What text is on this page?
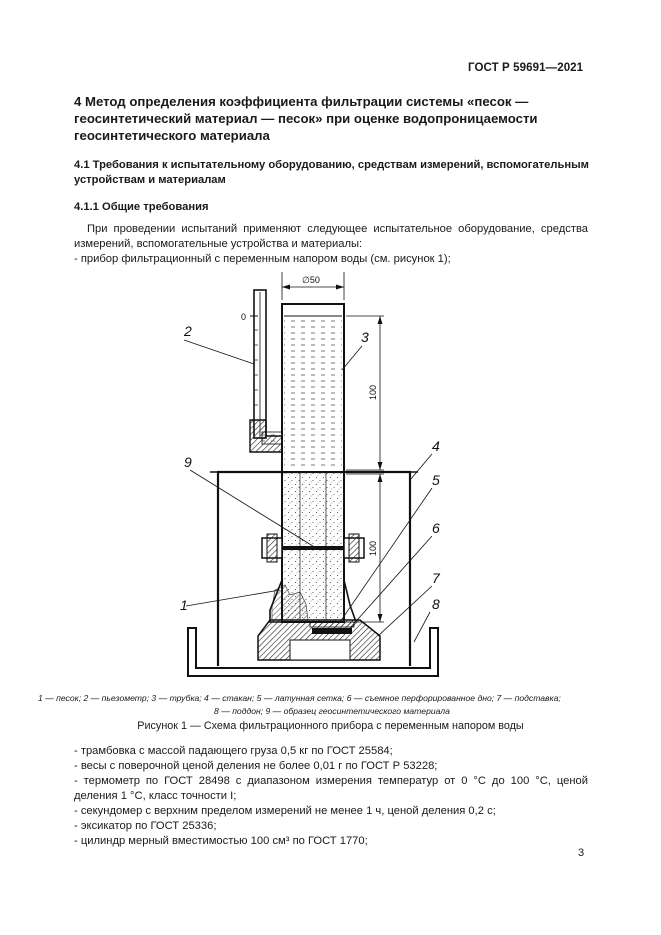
ГОСТ Р 59691—2021
4 Метод определения коэффициента фильтрации системы «песок — геосинтетический материал — песок» при оценке водопроницаемости геосинтетического материала
4.1 Требования к испытательному оборудованию, средствам измерений, вспомогательным устройствам и материалам
4.1.1 Общие требования
При проведении испытаний применяют следующее испытательное оборудование, средства измерений, вспомогательные устройства и материалы:
- прибор фильтрационный с переменным напором воды (см. рисунок 1);
∅50
0
100
100
2	3
4
5
6
7
8
9
1
1 — песок; 2 — пьезометр; 3 — трубка; 4 — стакан; 5 — латунная сетка; 6 — съемное перфорированное дно; 7 — подставка;
8 — поддон; 9 — образец геосинтетического материала
Рисунок 1 — Схема фильтрационного прибора с переменным напором воды
- трамбовка с массой падающего груза 0,5 кг по ГОСТ 25584;
- весы с поверочной ценой деления не более 0,01 г по ГОСТ Р 53228;
- термометр по ГОСТ 28498 с диапазоном измерения температур от 0 °С до 100 °С, ценой деления 1 °С, класс точности I;
- секундомер с верхним пределом измерений не менее 1 ч, ценой деления 0,2 с;
- эксикатор по ГОСТ 25336;
- цилиндр мерный вместимостью 100 см³ по ГОСТ 1770;
3
